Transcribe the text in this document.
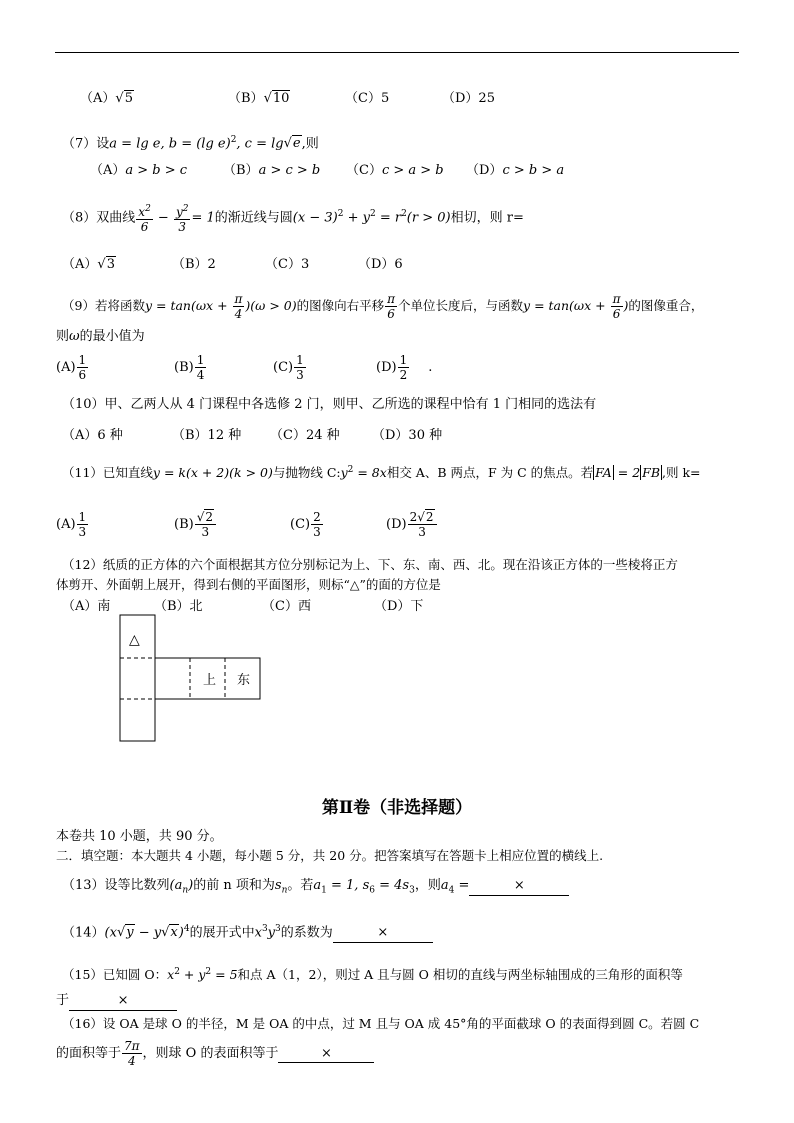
（A）√5	（B）√10	（C）5	（D）25
（7）设a = lg e, b = (lg e)$^2$, c = lg√e,则
（A）a > b > c	（B）a > c > b （C）c > a > b （D）c > b > a
（8）双曲线 $\frac{x^2}{6} - \frac{y^2}{3} = 1$的渐近线与圆$(x - 3)^2 + y^2 = r^2(r > 0)$相切，则 r=
（A）√3	（B）2	（C）3	（D）6
（9）若将函数$y = \tan(\omega x + \frac{\pi}{4} )(\omega > 0)$的图像向右平移 $\frac{\pi}{6}$ 个单位长度后，与函数$y = \tan(\omega x + \frac{\pi}{6}$ )的图像重合，
则ω的最小值为
$(A) \frac{1}{6}$	$(B) \frac{1}{4}$	$(C) \frac{1}{3}$	$(D) \frac{1}{2}$ .
（10）甲、乙两人从 4 门课程中各选修 2 门，则甲、乙所选的课程中恰有 1 门相同的选法有
（A）6 种	（B）12 种 （C）24 种 （D）30 种
（11）已知直线y = k(x + 2)(k > 0)与抛物线 $C:y^2 = 8x$相交 A、B 两点，F 为 C 的焦点。若 FA = 2 FB ,则 k=
$(A) \frac{1}{3}$	$(B) \frac{√2}{3}$	$(C) \frac{2}{3}$	$(D) \frac{2√2}{3}$
（12）纸质的正方体的六个面根据其方位分别标记为上、下、东、南、西、北。现在沿该正方体的一些棱将正方
体剪开、外面朝上展开，得到右侧的平面图形，则标“△”的面的方位是
（A）南	（B）北	（C）西	（D）下
△
上 东
第Ⅱ卷（非选择题）
本卷共 10 小题，共 90 分。
二．填空题：本大题共 4 小题，每小题 5 分，共 20 分。把答案填写在答题卡上相应位置的横线上.
（13）设等比数列$(a_n)$的前 n 项和为$s_n$。若$a_1 = 1$, $s_6 = 4s_3$，则$a_4$ =	×
$(14)(x√y - y√x)^4$的展开式中$x^3y^3$的系数为	×
（15）已知圆 O：$x^2 + y^2 = 5$和点 A（1，2），则过 A 且与圆 O 相切的直线与两坐标轴围成的三角形的面积等
于	×
（16）设 OA 是球 O 的半径，M 是 OA 的中点，过 M 且与 OA 成 45°角的平面截球 O 的表面得到圆 C。若圆 C
的面积等于 $\frac{7\pi}{4}$ ，则球 O 的表面积等于	×
